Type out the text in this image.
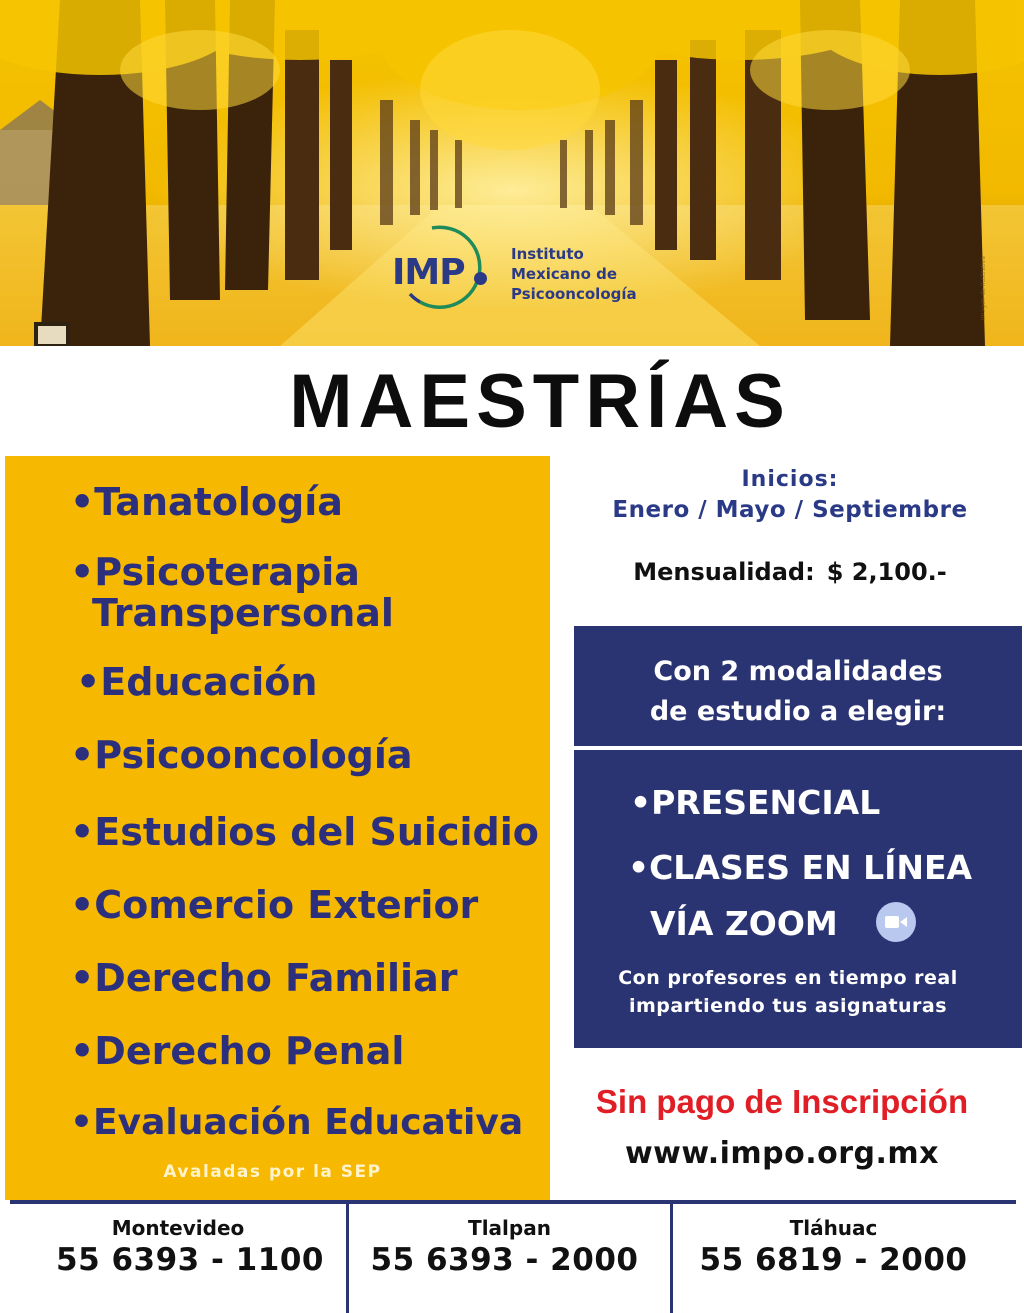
IMP	Instituto
Mexicano de
Psicooncología	Imagen de ilustrativa
MAESTRÍAS
•Tanatología
•Psicoterapia
Transpersonal
•Educación
•Psicooncología
•Estudios del Suicidio
•Comercio Exterior
•Derecho Familiar
•Derecho Penal
•Evaluación Educativa
Avaladas por la SEP
Inicios:
Enero / Mayo / Septiembre
Mensualidad: $ 2,100.-
Con 2 modalidades
de estudio a elegir:
•PRESENCIAL
•CLASES EN LÍNEA
VÍA ZOOM
Con profesores en tiempo real
impartiendo tus asignaturas
Sin pago de Inscripción
www.impo.org.mx
Montevideo
55 6393 - 1100
Tlalpan
55 6393 - 2000
Tláhuac
55 6819 - 2000
